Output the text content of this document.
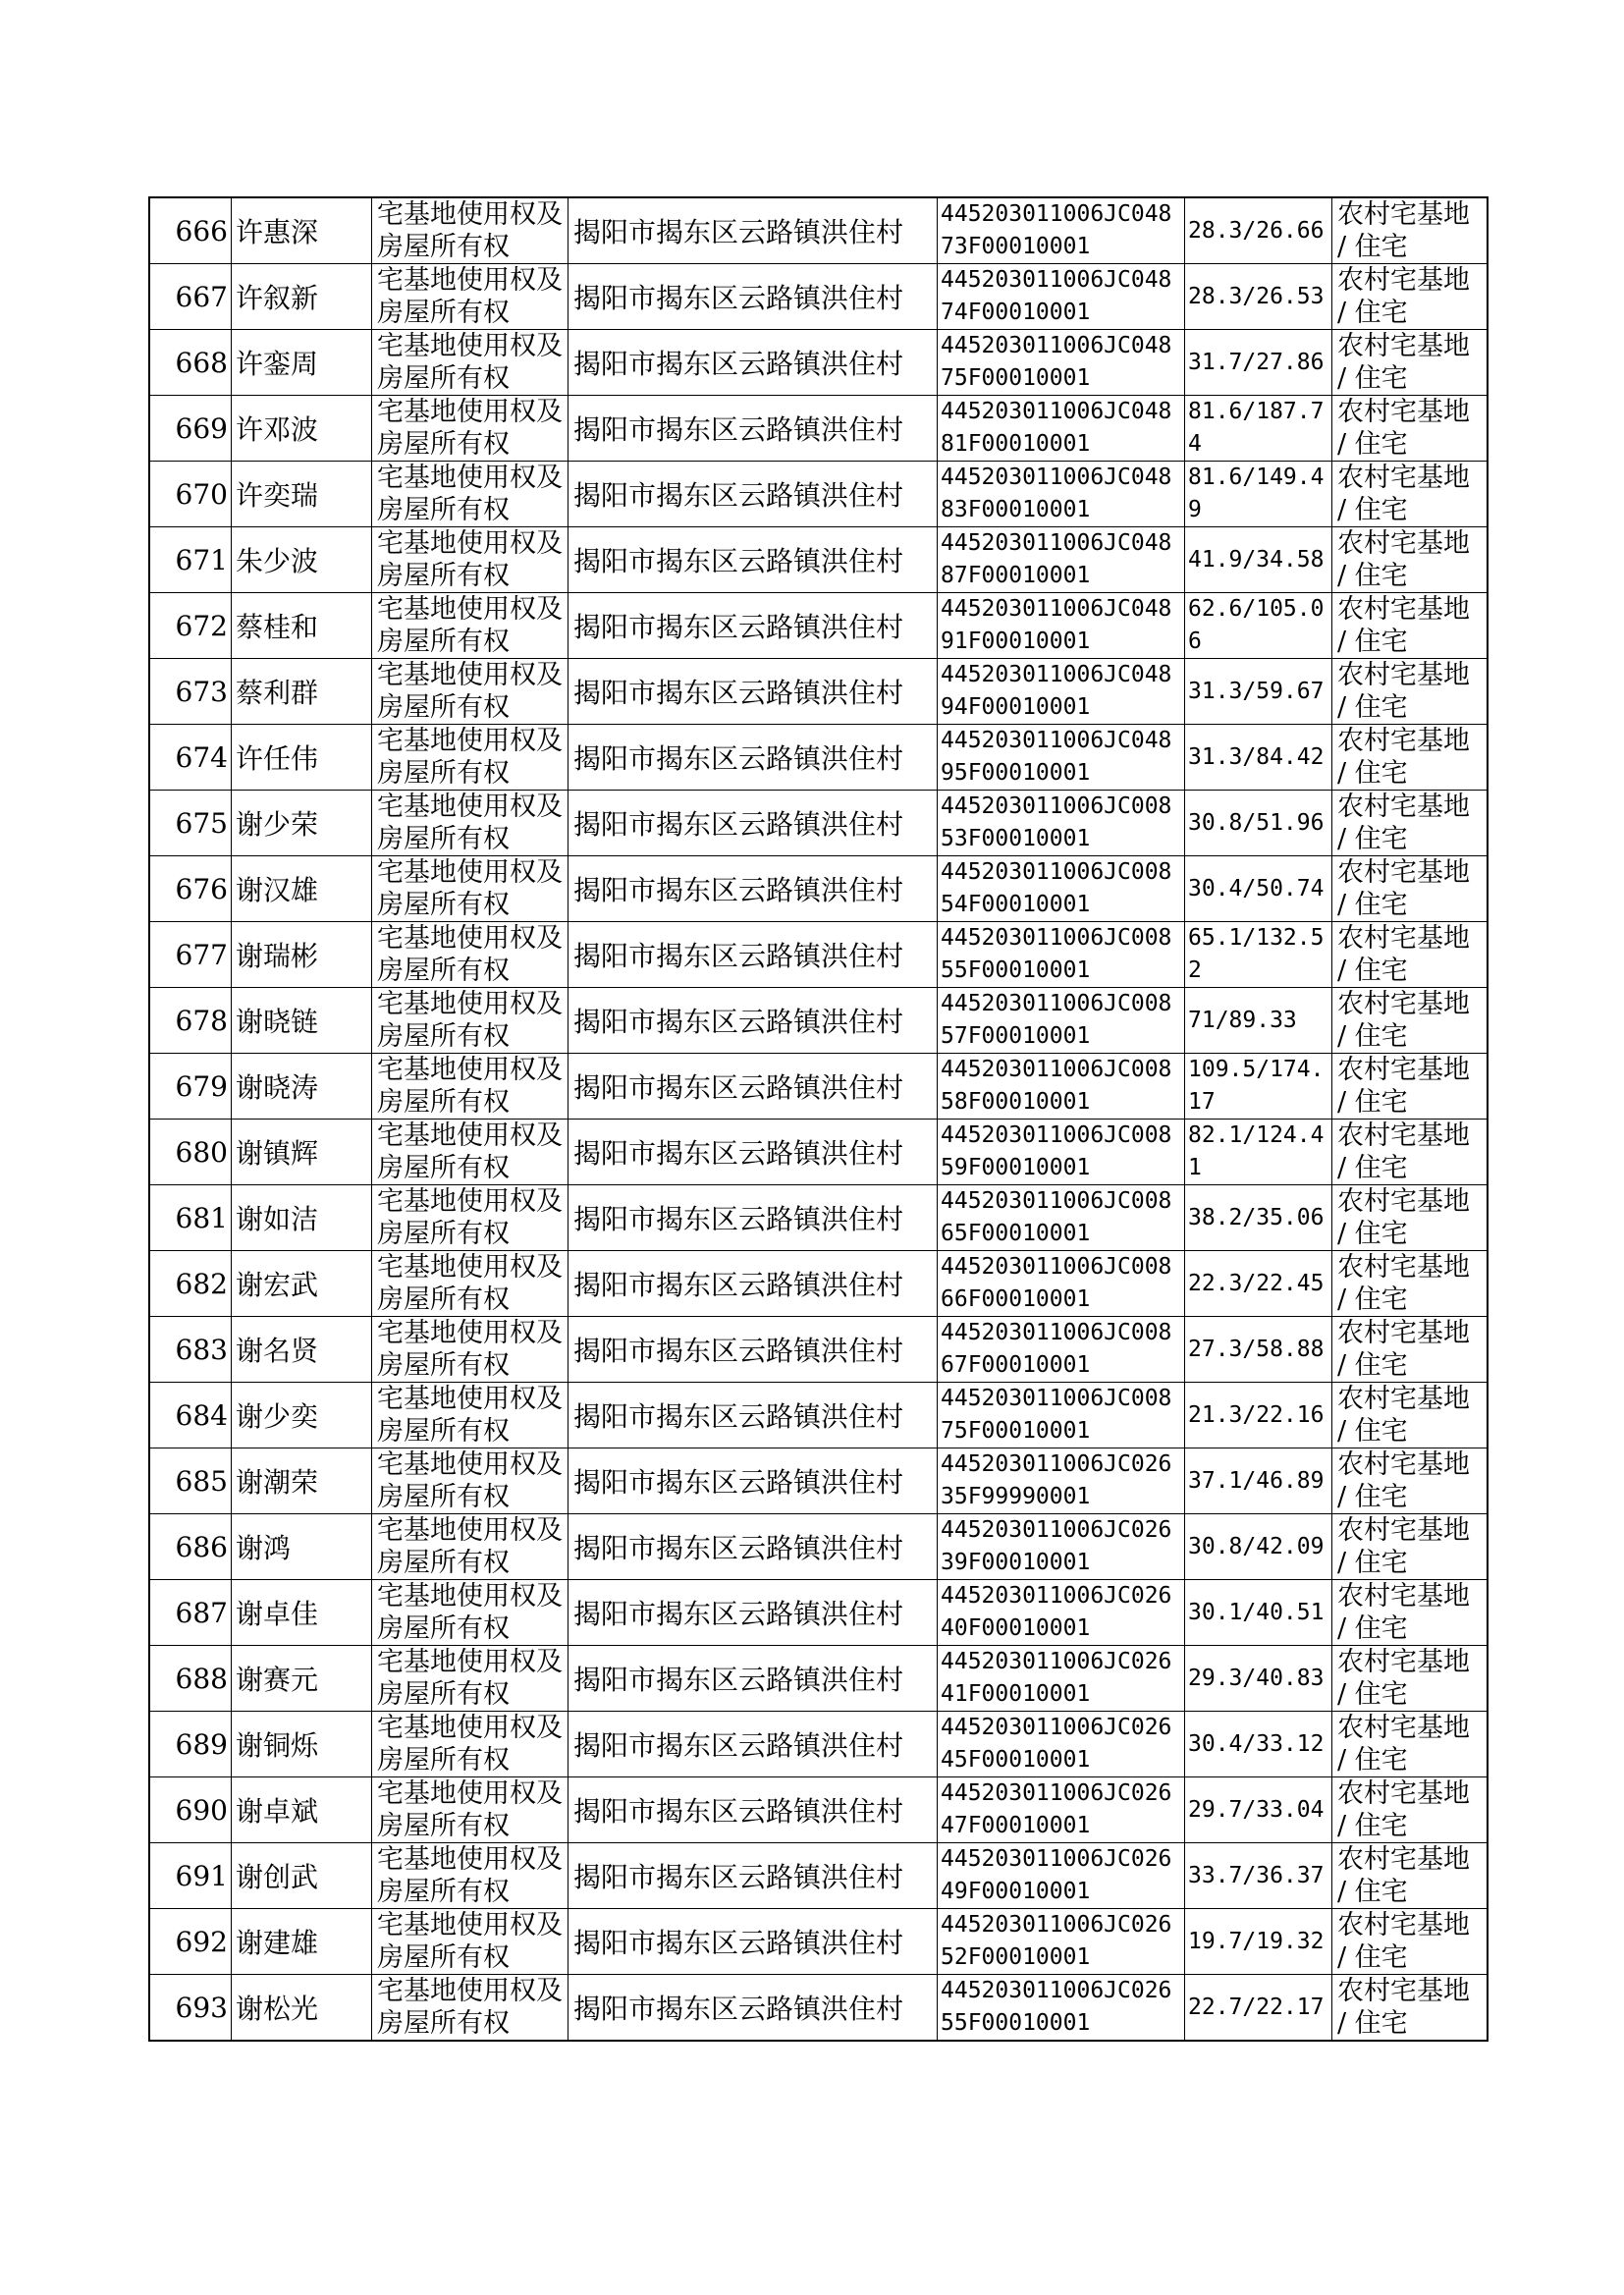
666	许惠深	宅基地使用权及房屋所有权	揭阳市揭东区云路镇洪住村	445203011006JC04873F00010001	28.3/26.66	农村宅基地 / 住宅
667	许叙新	宅基地使用权及房屋所有权	揭阳市揭东区云路镇洪住村	445203011006JC04874F00010001	28.3/26.53	农村宅基地 / 住宅
668	许銮周	宅基地使用权及房屋所有权	揭阳市揭东区云路镇洪住村	445203011006JC04875F00010001	31.7/27.86	农村宅基地 / 住宅
669	许邓波	宅基地使用权及房屋所有权	揭阳市揭东区云路镇洪住村	445203011006JC04881F00010001	81.6/187.74	农村宅基地 / 住宅
670	许奕瑞	宅基地使用权及房屋所有权	揭阳市揭东区云路镇洪住村	445203011006JC04883F00010001	81.6/149.49	农村宅基地 / 住宅
671	朱少波	宅基地使用权及房屋所有权	揭阳市揭东区云路镇洪住村	445203011006JC04887F00010001	41.9/34.58	农村宅基地 / 住宅
672	蔡桂和	宅基地使用权及房屋所有权	揭阳市揭东区云路镇洪住村	445203011006JC04891F00010001	62.6/105.06	农村宅基地 / 住宅
673	蔡利群	宅基地使用权及房屋所有权	揭阳市揭东区云路镇洪住村	445203011006JC04894F00010001	31.3/59.67	农村宅基地 / 住宅
674	许任伟	宅基地使用权及房屋所有权	揭阳市揭东区云路镇洪住村	445203011006JC04895F00010001	31.3/84.42	农村宅基地 / 住宅
675	谢少荣	宅基地使用权及房屋所有权	揭阳市揭东区云路镇洪住村	445203011006JC00853F00010001	30.8/51.96	农村宅基地 / 住宅
676	谢汉雄	宅基地使用权及房屋所有权	揭阳市揭东区云路镇洪住村	445203011006JC00854F00010001	30.4/50.74	农村宅基地 / 住宅
677	谢瑞彬	宅基地使用权及房屋所有权	揭阳市揭东区云路镇洪住村	445203011006JC00855F00010001	65.1/132.52	农村宅基地 / 住宅
678	谢晓链	宅基地使用权及房屋所有权	揭阳市揭东区云路镇洪住村	445203011006JC00857F00010001	71/89.33	农村宅基地 / 住宅
679	谢晓涛	宅基地使用权及房屋所有权	揭阳市揭东区云路镇洪住村	445203011006JC00858F00010001	109.5/174.17	农村宅基地 / 住宅
680	谢镇辉	宅基地使用权及房屋所有权	揭阳市揭东区云路镇洪住村	445203011006JC00859F00010001	82.1/124.41	农村宅基地 / 住宅
681	谢如洁	宅基地使用权及房屋所有权	揭阳市揭东区云路镇洪住村	445203011006JC00865F00010001	38.2/35.06	农村宅基地 / 住宅
682	谢宏武	宅基地使用权及房屋所有权	揭阳市揭东区云路镇洪住村	445203011006JC00866F00010001	22.3/22.45	农村宅基地 / 住宅
683	谢名贤	宅基地使用权及房屋所有权	揭阳市揭东区云路镇洪住村	445203011006JC00867F00010001	27.3/58.88	农村宅基地 / 住宅
684	谢少奕	宅基地使用权及房屋所有权	揭阳市揭东区云路镇洪住村	445203011006JC00875F00010001	21.3/22.16	农村宅基地 / 住宅
685	谢潮荣	宅基地使用权及房屋所有权	揭阳市揭东区云路镇洪住村	445203011006JC02635F99990001	37.1/46.89	农村宅基地 / 住宅
686	谢鸿	宅基地使用权及房屋所有权	揭阳市揭东区云路镇洪住村	445203011006JC02639F00010001	30.8/42.09	农村宅基地 / 住宅
687	谢卓佳	宅基地使用权及房屋所有权	揭阳市揭东区云路镇洪住村	445203011006JC02640F00010001	30.1/40.51	农村宅基地 / 住宅
688	谢赛元	宅基地使用权及房屋所有权	揭阳市揭东区云路镇洪住村	445203011006JC02641F00010001	29.3/40.83	农村宅基地 / 住宅
689	谢铜烁	宅基地使用权及房屋所有权	揭阳市揭东区云路镇洪住村	445203011006JC02645F00010001	30.4/33.12	农村宅基地 / 住宅
690	谢卓斌	宅基地使用权及房屋所有权	揭阳市揭东区云路镇洪住村	445203011006JC02647F00010001	29.7/33.04	农村宅基地 / 住宅
691	谢创武	宅基地使用权及房屋所有权	揭阳市揭东区云路镇洪住村	445203011006JC02649F00010001	33.7/36.37	农村宅基地 / 住宅
692	谢建雄	宅基地使用权及房屋所有权	揭阳市揭东区云路镇洪住村	445203011006JC02652F00010001	19.7/19.32	农村宅基地 / 住宅
693	谢松光	宅基地使用权及房屋所有权	揭阳市揭东区云路镇洪住村	445203011006JC02655F00010001	22.7/22.17	农村宅基地 / 住宅
